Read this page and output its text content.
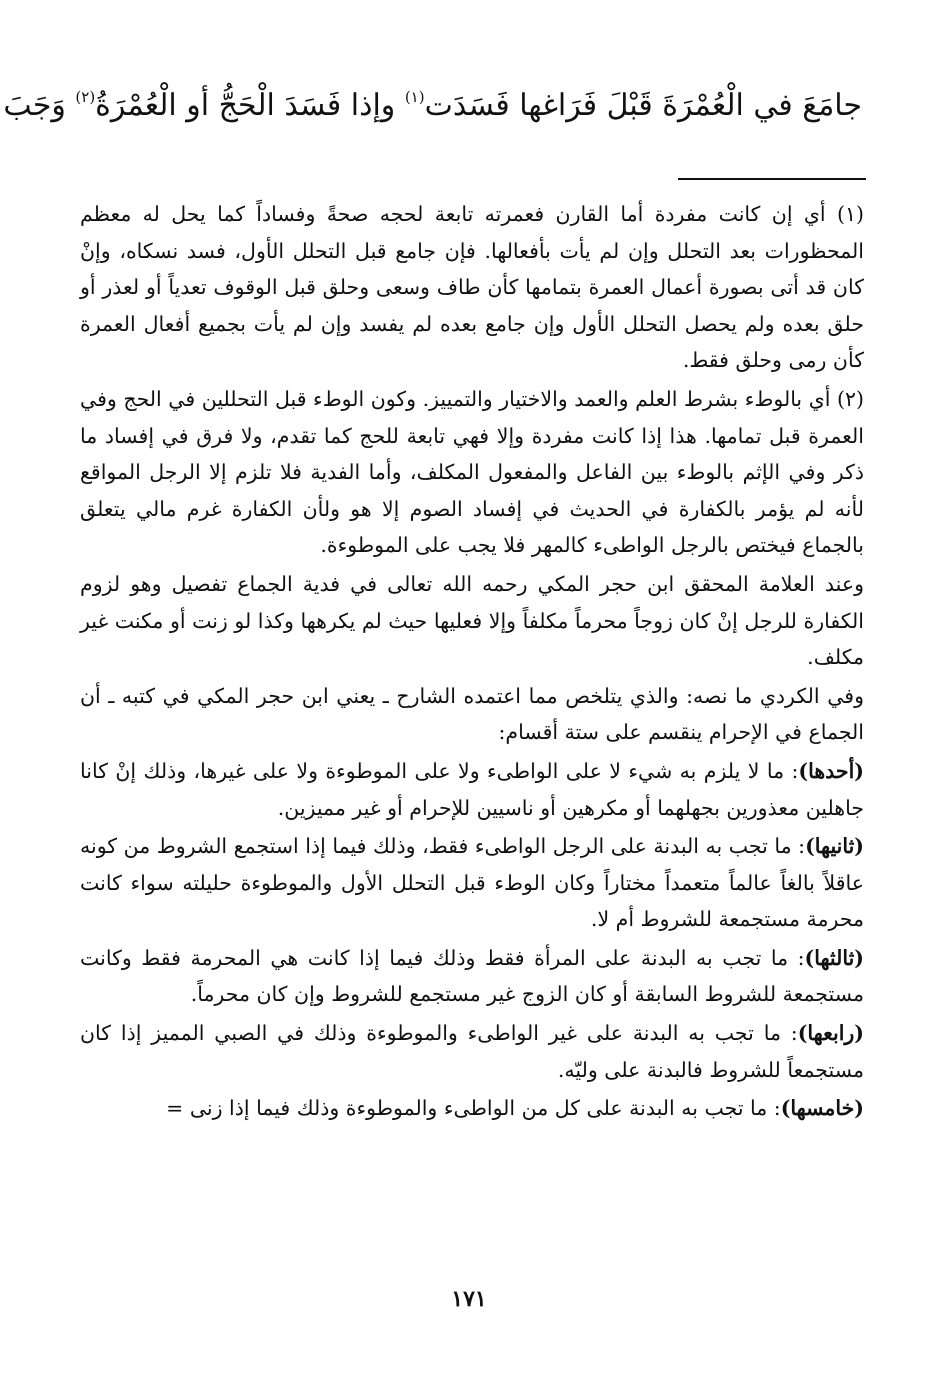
جامَعَ في الْعُمْرَةَ قَبْلَ فَرَاغها فَسَدَت$^{(١)}$ وإذا فَسَدَ الْحَجُّ أو الْعُمْرَةُ$^{(٢)}$ وَجَبَ

(١) أي إن كانت مفردة أما القارن فعمرته تابعة لحجه صحةً وفساداً كما يحل له معظم المحظورات بعد التحلل وإن لم يأت بأفعالها. فإن جامع قبل التحلل الأول، فسد نسكاه، وإنْ كان قد أتى بصورة أعمال العمرة بتمامها كأن طاف وسعى وحلق قبل الوقوف تعدياً أو لعذر أو حلق بعده ولم يحصل التحلل الأول وإن جامع بعده لم يفسد وإن لم يأت بجميع أفعال العمرة كأن رمى وحلق فقط.

(٢) أي بالوطء بشرط العلم والعمد والاختيار والتمييز. وكون الوطء قبل التحللين في الحج وفي العمرة قبل تمامها. هذا إذا كانت مفردة وإلا فهي تابعة للحج كما تقدم، ولا فرق في إفساد ما ذكر وفي الإثم بالوطء بين الفاعل والمفعول المكلف، وأما الفدية فلا تلزم إلا الرجل المواقع لأنه لم يؤمر بالكفارة في الحديث في إفساد الصوم إلا هو ولأن الكفارة غرم مالي يتعلق بالجماع فيختص بالرجل الواطىء كالمهر فلا يجب على الموطوءة.

وعند العلامة المحقق ابن حجر المكي رحمه الله تعالى في فدية الجماع تفصيل وهو لزوم الكفارة للرجل إنْ كان زوجاً محرماً مكلفاً وإلا فعليها حيث لم يكرهها وكذا لو زنت أو مكنت غير مكلف.

وفي الكردي ما نصه: والذي يتلخص مما اعتمده الشارح ـ يعني ابن حجر المكي في كتبه ـ أن الجماع في الإحرام ينقسم على ستة أقسام:

(أحدها): ما لا يلزم به شيء لا على الواطىء ولا على الموطوءة ولا على غيرها، وذلك إنْ كانا جاهلين معذورين بجهلهما أو مكرهين أو ناسيين للإحرام أو غير مميزين.

(ثانيها): ما تجب به البدنة على الرجل الواطىء فقط، وذلك فيما إذا استجمع الشروط من كونه عاقلاً بالغاً عالماً متعمداً مختاراً وكان الوطء قبل التحلل الأول والموطوءة حليلته سواء كانت محرمة مستجمعة للشروط أم لا.

(ثالثها): ما تجب به البدنة على المرأة فقط وذلك فيما إذا كانت هي المحرمة فقط وكانت مستجمعة للشروط السابقة أو كان الزوج غير مستجمع للشروط وإن كان محرماً.

(رابعها): ما تجب به البدنة على غير الواطىء والموطوءة وذلك في الصبي المميز إذا كان مستجمعاً للشروط فالبدنة على وليّه.

(خامسها): ما تجب به البدنة على كل من الواطىء والموطوءة وذلك فيما إذا زنى =

١٧١
